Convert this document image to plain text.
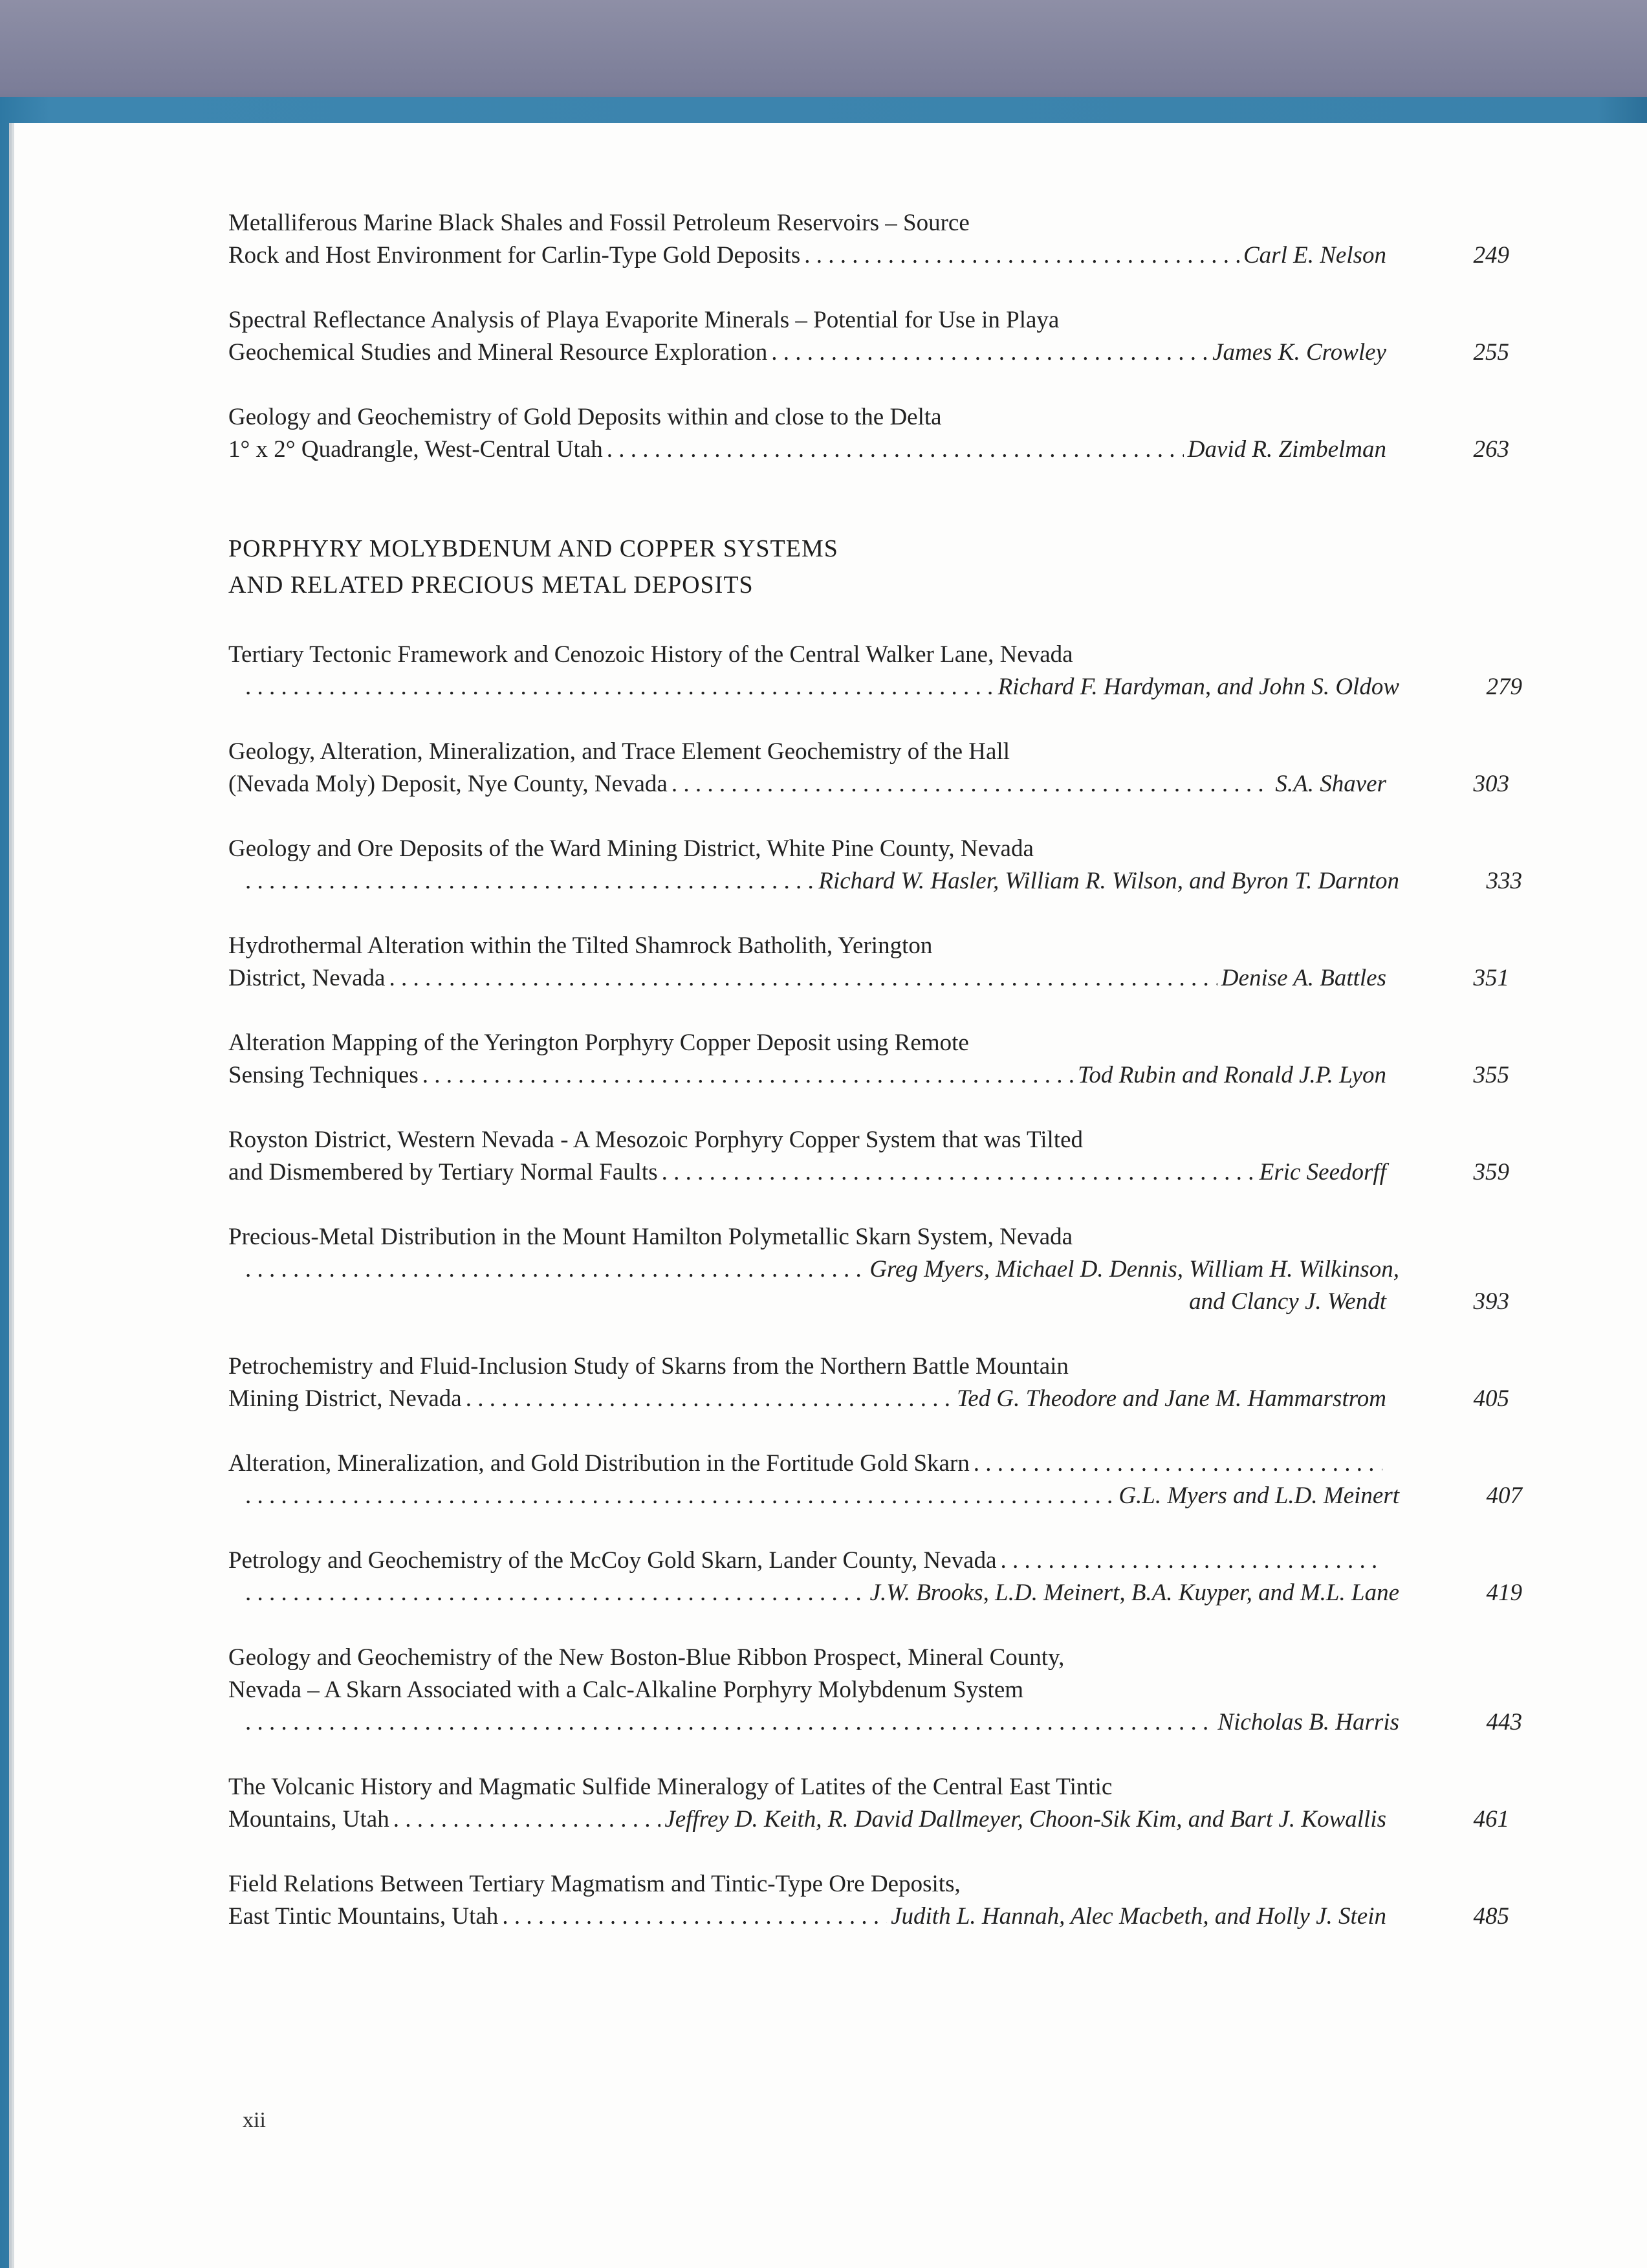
Metalliferous Marine Black Shales and Fossil Petroleum Reservoirs – Source
Rock and Host Environment for Carlin-Type Gold Deposits . . .	Carl E. Nelson	249
Spectral Reflectance Analysis of Playa Evaporite Minerals – Potential for Use in Playa
Geochemical Studies and Mineral Resource Exploration . . .	James K. Crowley	255
Geology and Geochemistry of Gold Deposits within and close to the Delta
1° x 2° Quadrangle, West-Central Utah . . .	David R. Zimbelman	263
PORPHYRY MOLYBDENUM AND COPPER SYSTEMS
AND RELATED PRECIOUS METAL DEPOSITS
Tertiary Tectonic Framework and Cenozoic History of the Central Walker Lane, Nevada
. . .
Richard F. Hardyman, and John S. Oldow	279
Geology, Alteration, Mineralization, and Trace Element Geochemistry of the Hall
(Nevada Moly) Deposit, Nye County, Nevada . . .	S.A. Shaver	303
Geology and Ore Deposits of the Ward Mining District, White Pine County, Nevada
. . .
Richard W. Hasler, William R. Wilson, and Byron T. Darnton	333
Hydrothermal Alteration within the Tilted Shamrock Batholith, Yerington
District, Nevada . . .	Denise A. Battles	351
Alteration Mapping of the Yerington Porphyry Copper Deposit using Remote
Sensing Techniques . . .	Tod Rubin and Ronald J.P. Lyon	355
Royston District, Western Nevada - A Mesozoic Porphyry Copper System that was Tilted
and Dismembered by Tertiary Normal Faults . . .	Eric Seedorff	359
Precious-Metal Distribution in the Mount Hamilton Polymetallic Skarn System, Nevada
. . .
Greg Myers, Michael D. Dennis, William H. Wilkinson,
and Clancy J. Wendt	393
Petrochemistry and Fluid-Inclusion Study of Skarns from the Northern Battle Mountain
Mining District, Nevada . . .	Ted G. Theodore and Jane M. Hammarstrom	405
Alteration, Mineralization, and Gold Distribution in the Fortitude Gold Skarn
. . .
. . .
G.L. Myers and L.D. Meinert	407
Petrology and Geochemistry of the McCoy Gold Skarn, Lander County, Nevada
. . .
. . .
J.W. Brooks, L.D. Meinert, B.A. Kuyper, and M.L. Lane	419
Geology and Geochemistry of the New Boston-Blue Ribbon Prospect, Mineral County,
Nevada – A Skarn Associated with a Calc-Alkaline Porphyry Molybdenum System
. . .
Nicholas B. Harris	443
The Volcanic History and Magmatic Sulfide Mineralogy of Latites of the Central East Tintic
Mountains, Utah . . .	Jeffrey D. Keith, R. David Dallmeyer, Choon-Sik Kim, and Bart J. Kowallis	461
Field Relations Between Tertiary Magmatism and Tintic-Type Ore Deposits,
East Tintic Mountains, Utah . . .	Judith L. Hannah, Alec Macbeth, and Holly J. Stein	485
xii
